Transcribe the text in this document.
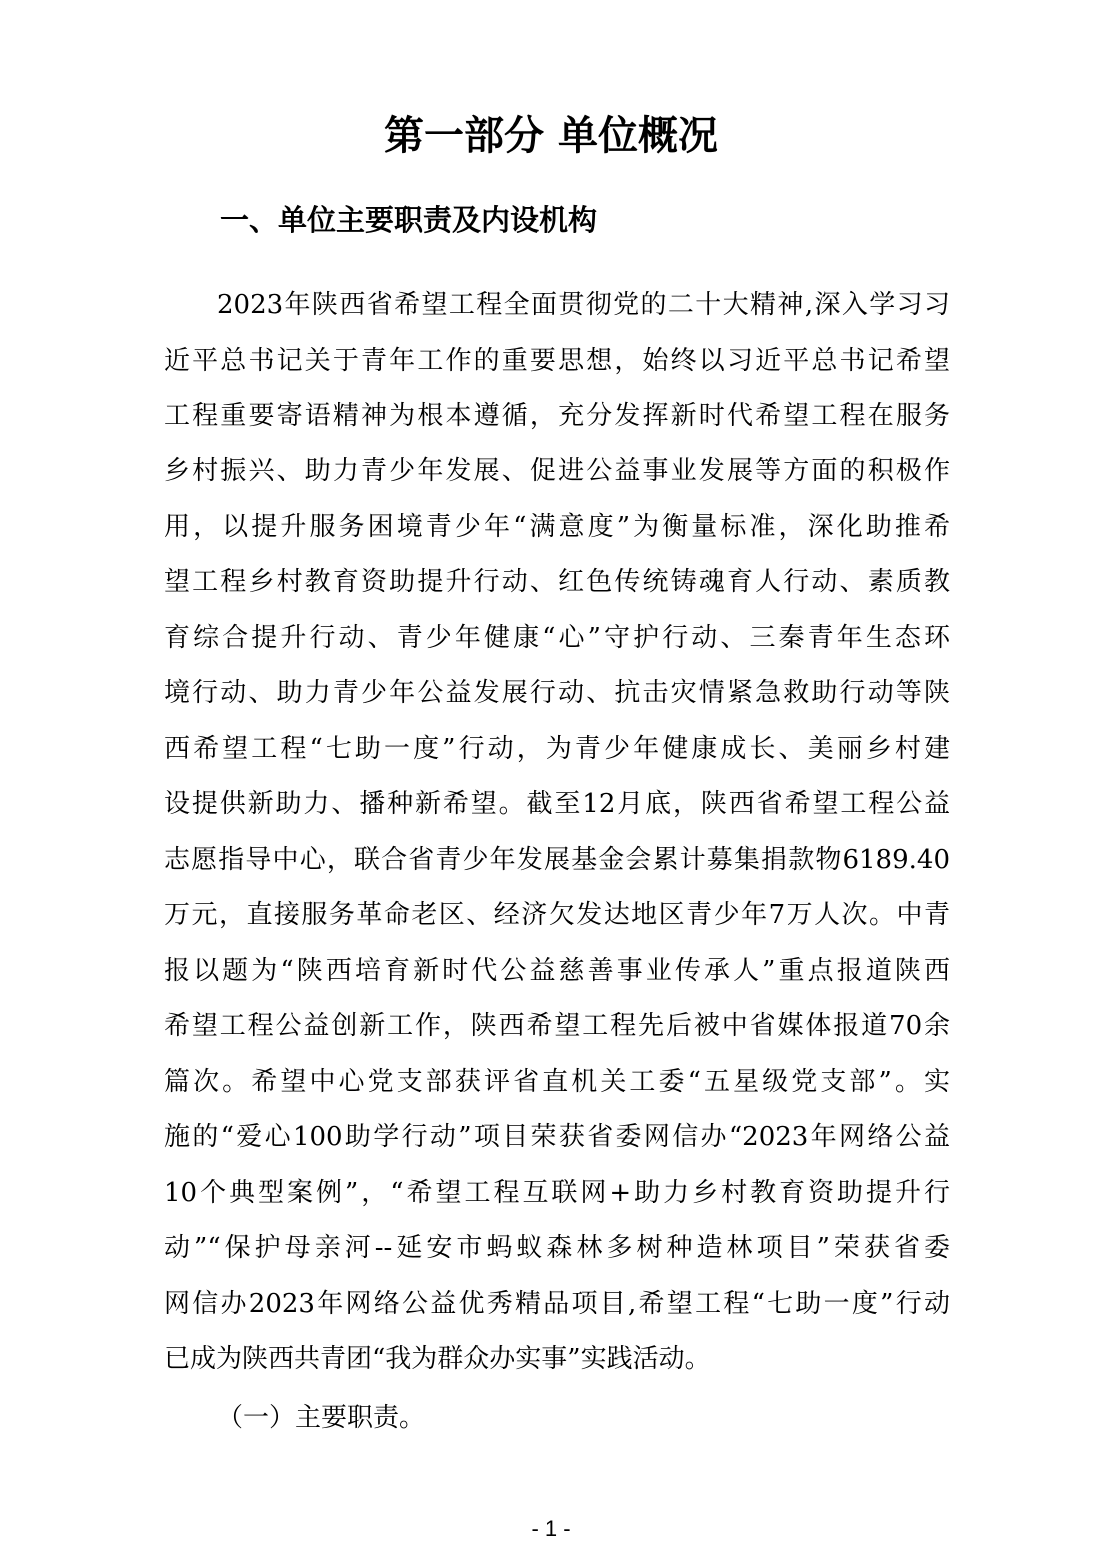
第一部分 单位概况
一、单位主要职责及内设机构
2023年陕西省希望工程全面贯彻党的二十大精神,深入学习习
近平总书记关于青年工作的重要思想，始终以习近平总书记希望
工程重要寄语精神为根本遵循，充分发挥新时代希望工程在服务
乡村振兴、助力青少年发展、促进公益事业发展等方面的积极作
用，以提升服务困境青少年“满意度”为衡量标准，深化助推希
望工程乡村教育资助提升行动、红色传统铸魂育人行动、素质教
育综合提升行动、青少年健康“心”守护行动、三秦青年生态环
境行动、助力青少年公益发展行动、抗击灾情紧急救助行动等陕
西希望工程“七助一度”行动，为青少年健康成长、美丽乡村建
设提供新助力、播种新希望。截至12月底，陕西省希望工程公益
志愿指导中心，联合省青少年发展基金会累计募集捐款物6189.40
万元，直接服务革命老区、经济欠发达地区青少年7万人次。中青
报以题为“陕西培育新时代公益慈善事业传承人”重点报道陕西
希望工程公益创新工作，陕西希望工程先后被中省媒体报道70余
篇次。希望中心党支部获评省直机关工委“五星级党支部”。实
施的“爱心100助学行动”项目荣获省委网信办“2023年网络公益
10个典型案例”，“希望工程互联网+助力乡村教育资助提升行
动”“保护母亲河--延安市蚂蚁森林多树种造林项目”荣获省委
网信办2023年网络公益优秀精品项目,希望工程“七助一度”行动
已成为陕西共青团“我为群众办实事”实践活动。
（一）主要职责。
- 1 -
